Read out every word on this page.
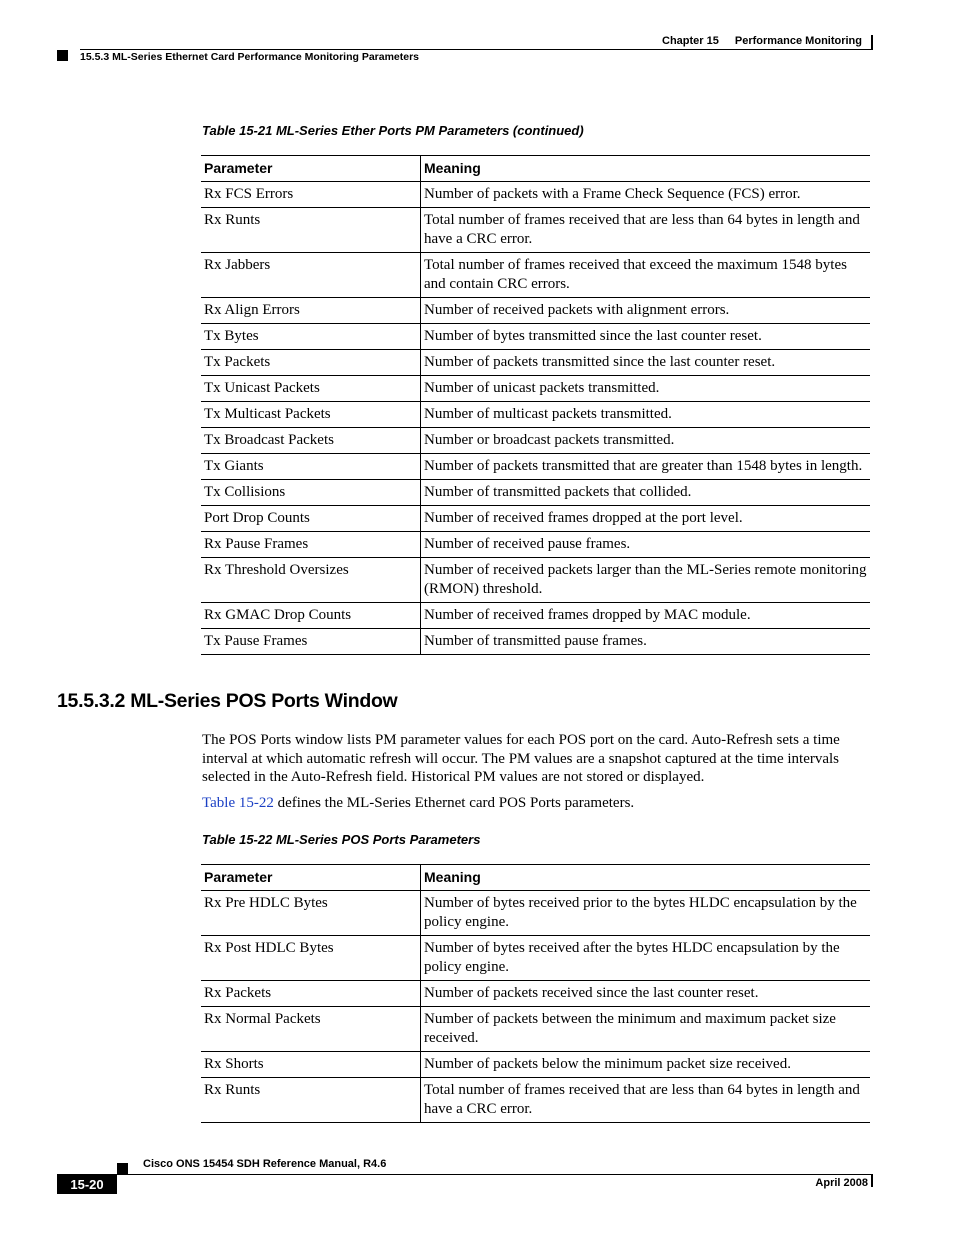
Chapter 15 Performance Monitoring
15.5.3 ML-Series Ethernet Card Performance Monitoring Parameters
Table 15-21 ML-Series Ether Ports PM Parameters (continued)
Parameter	Meaning
Rx FCS Errors	Number of packets with a Frame Check Sequence (FCS) error.
Rx Runts	Total number of frames received that are less than 64 bytes in length and have a CRC error.
Rx Jabbers	Total number of frames received that exceed the maximum 1548 bytes and contain CRC errors.
Rx Align Errors	Number of received packets with alignment errors.
Tx Bytes	Number of bytes transmitted since the last counter reset.
Tx Packets	Number of packets transmitted since the last counter reset.
Tx Unicast Packets	Number of unicast packets transmitted.
Tx Multicast Packets	Number of multicast packets transmitted.
Tx Broadcast Packets	Number or broadcast packets transmitted.
Tx Giants	Number of packets transmitted that are greater than 1548 bytes in length.
Tx Collisions	Number of transmitted packets that collided.
Port Drop Counts	Number of received frames dropped at the port level.
Rx Pause Frames	Number of received pause frames.
Rx Threshold Oversizes	Number of received packets larger than the ML-Series remote monitoring (RMON) threshold.
Rx GMAC Drop Counts	Number of received frames dropped by MAC module.
Tx Pause Frames	Number of transmitted pause frames.
15.5.3.2 ML-Series POS Ports Window
The POS Ports window lists PM parameter values for each POS port on the card. Auto-Refresh sets a time interval at which automatic refresh will occur. The PM values are a snapshot captured at the time intervals selected in the Auto-Refresh field. Historical PM values are not stored or displayed.
Table 15-22 defines the ML-Series Ethernet card POS Ports parameters.
Table 15-22 ML-Series POS Ports Parameters
Parameter	Meaning
Rx Pre HDLC Bytes	Number of bytes received prior to the bytes HLDC encapsulation by the policy engine.
Rx Post HDLC Bytes	Number of bytes received after the bytes HLDC encapsulation by the policy engine.
Rx Packets	Number of packets received since the last counter reset.
Rx Normal Packets	Number of packets between the minimum and maximum packet size received.
Rx Shorts	Number of packets below the minimum packet size received.
Rx Runts	Total number of frames received that are less than 64 bytes in length and have a CRC error.
Cisco ONS 15454 SDH Reference Manual, R4.6
15-20	April 2008
